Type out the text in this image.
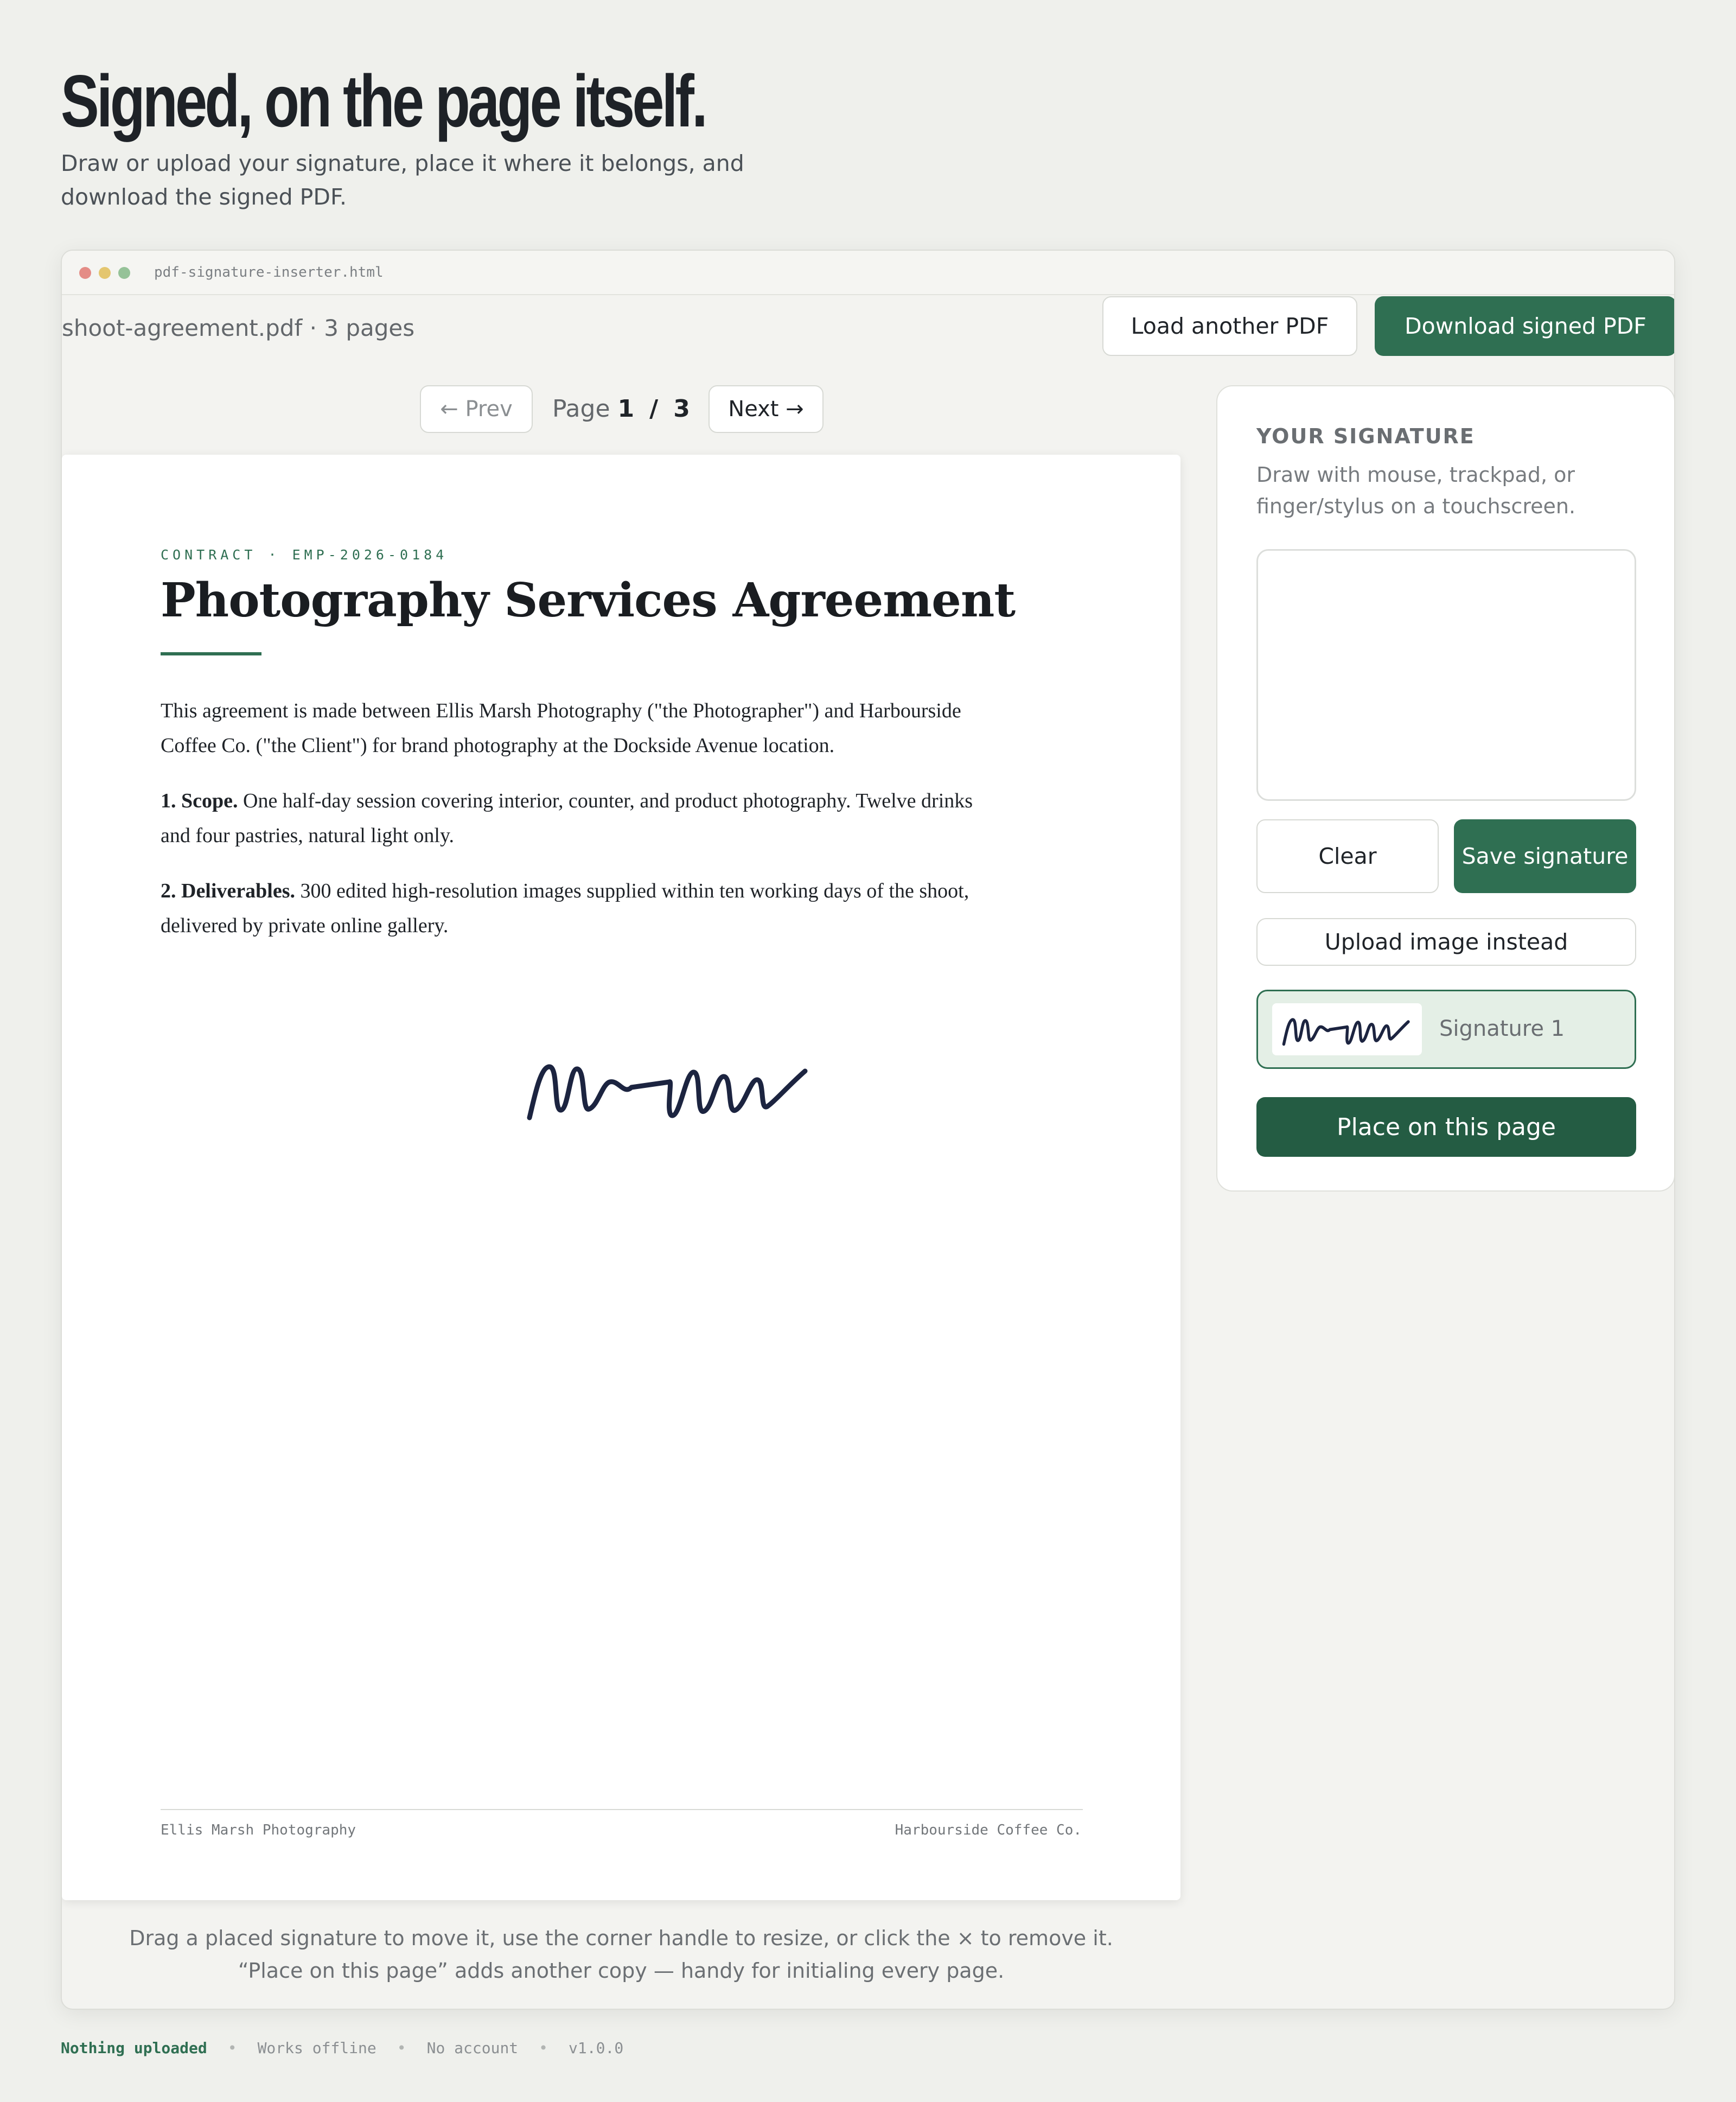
Signed, on the page itself.
Draw or upload your signature, place it where it belongs, and download the signed PDF.
pdf-signature-inserter.html
shoot-agreement.pdf · 3 pages	Load another PDF	Download signed PDF
← Prev	Page 1 / 3	Next →
CONTRACT · EMP-2026-0184
Photography Services Agreement

This agreement is made between Ellis Marsh Photography ("the Photographer") and Harbourside Coffee Co. ("the Client") for brand photography at the Dockside Avenue location.

1. Scope. One half-day session covering interior, counter, and product photography. Twelve drinks and four pastries, natural light only.

2. Deliverables. 300 edited high-resolution images supplied within ten working days of the shoot, delivered by private online gallery.

Ellis Marsh Photography	Harbourside Coffee Co.
Drag a placed signature to move it, use the corner handle to resize, or click the × to remove it. “Place on this page” adds another copy — handy for initialing every page.
YOUR SIGNATURE
Draw with mouse, trackpad, or finger/stylus on a touchscreen.
Clear	Save signature
Upload image instead
Signature 1
Place on this page
Nothing uploaded • Works offline • No account • v1.0.0
